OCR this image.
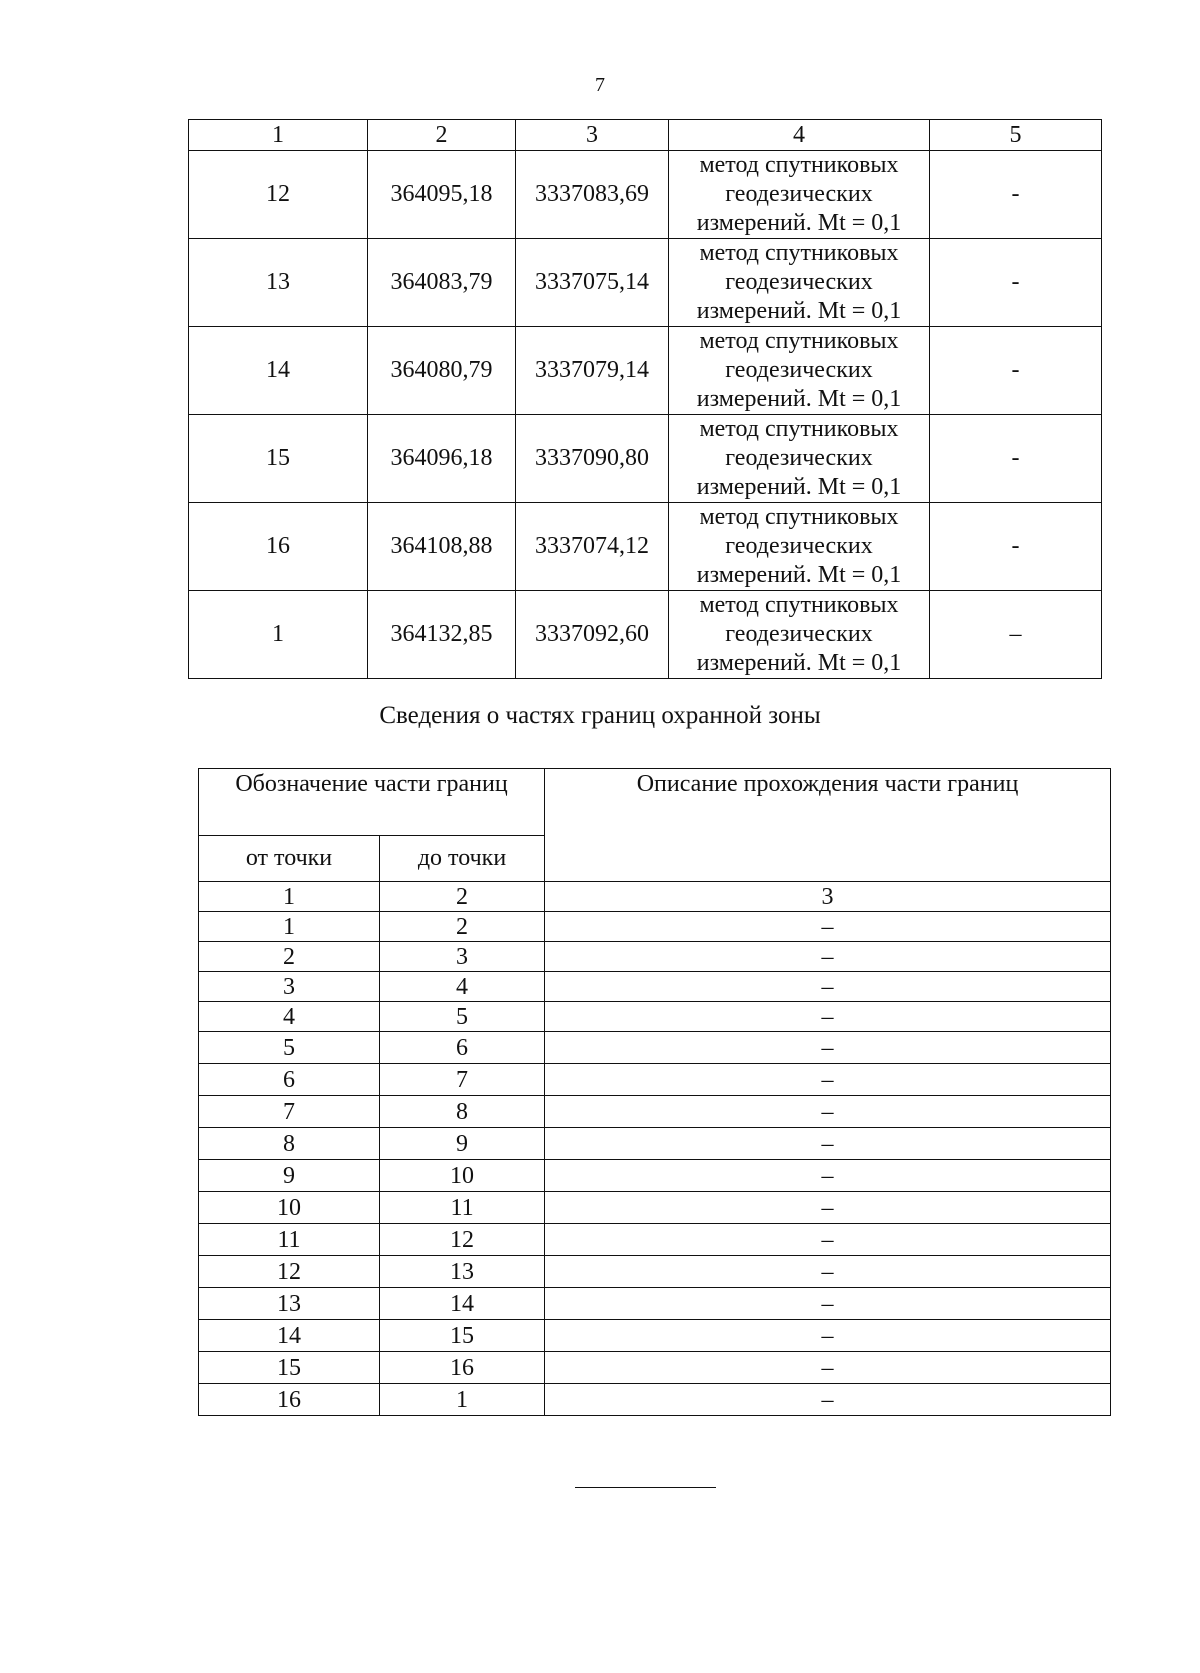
7
1	2	3	4	5
12	364095,18	3337083,69	метод спутниковых геодезических измерений. Mt = 0,1	-
13	364083,79	3337075,14	метод спутниковых геодезических измерений. Mt = 0,1	-
14	364080,79	3337079,14	метод спутниковых геодезических измерений. Mt = 0,1	-
15	364096,18	3337090,80	метод спутниковых геодезических измерений. Mt = 0,1	-
16	364108,88	3337074,12	метод спутниковых геодезических измерений. Mt = 0,1	-
1	364132,85	3337092,60	метод спутниковых геодезических измерений. Mt = 0,1	–
Сведения о частях границ охранной зоны
Обозначение части границ		Описание прохождения части границ
от точки	до точки	
1	2	3
1	2	–
2	3	–
3	4	–
4	5	–
5	6	–
6	7	–
7	8	–
8	9	–
9	10	–
10	11	–
11	12	–
12	13	–
13	14	–
14	15	–
15	16	–
16	1	–
